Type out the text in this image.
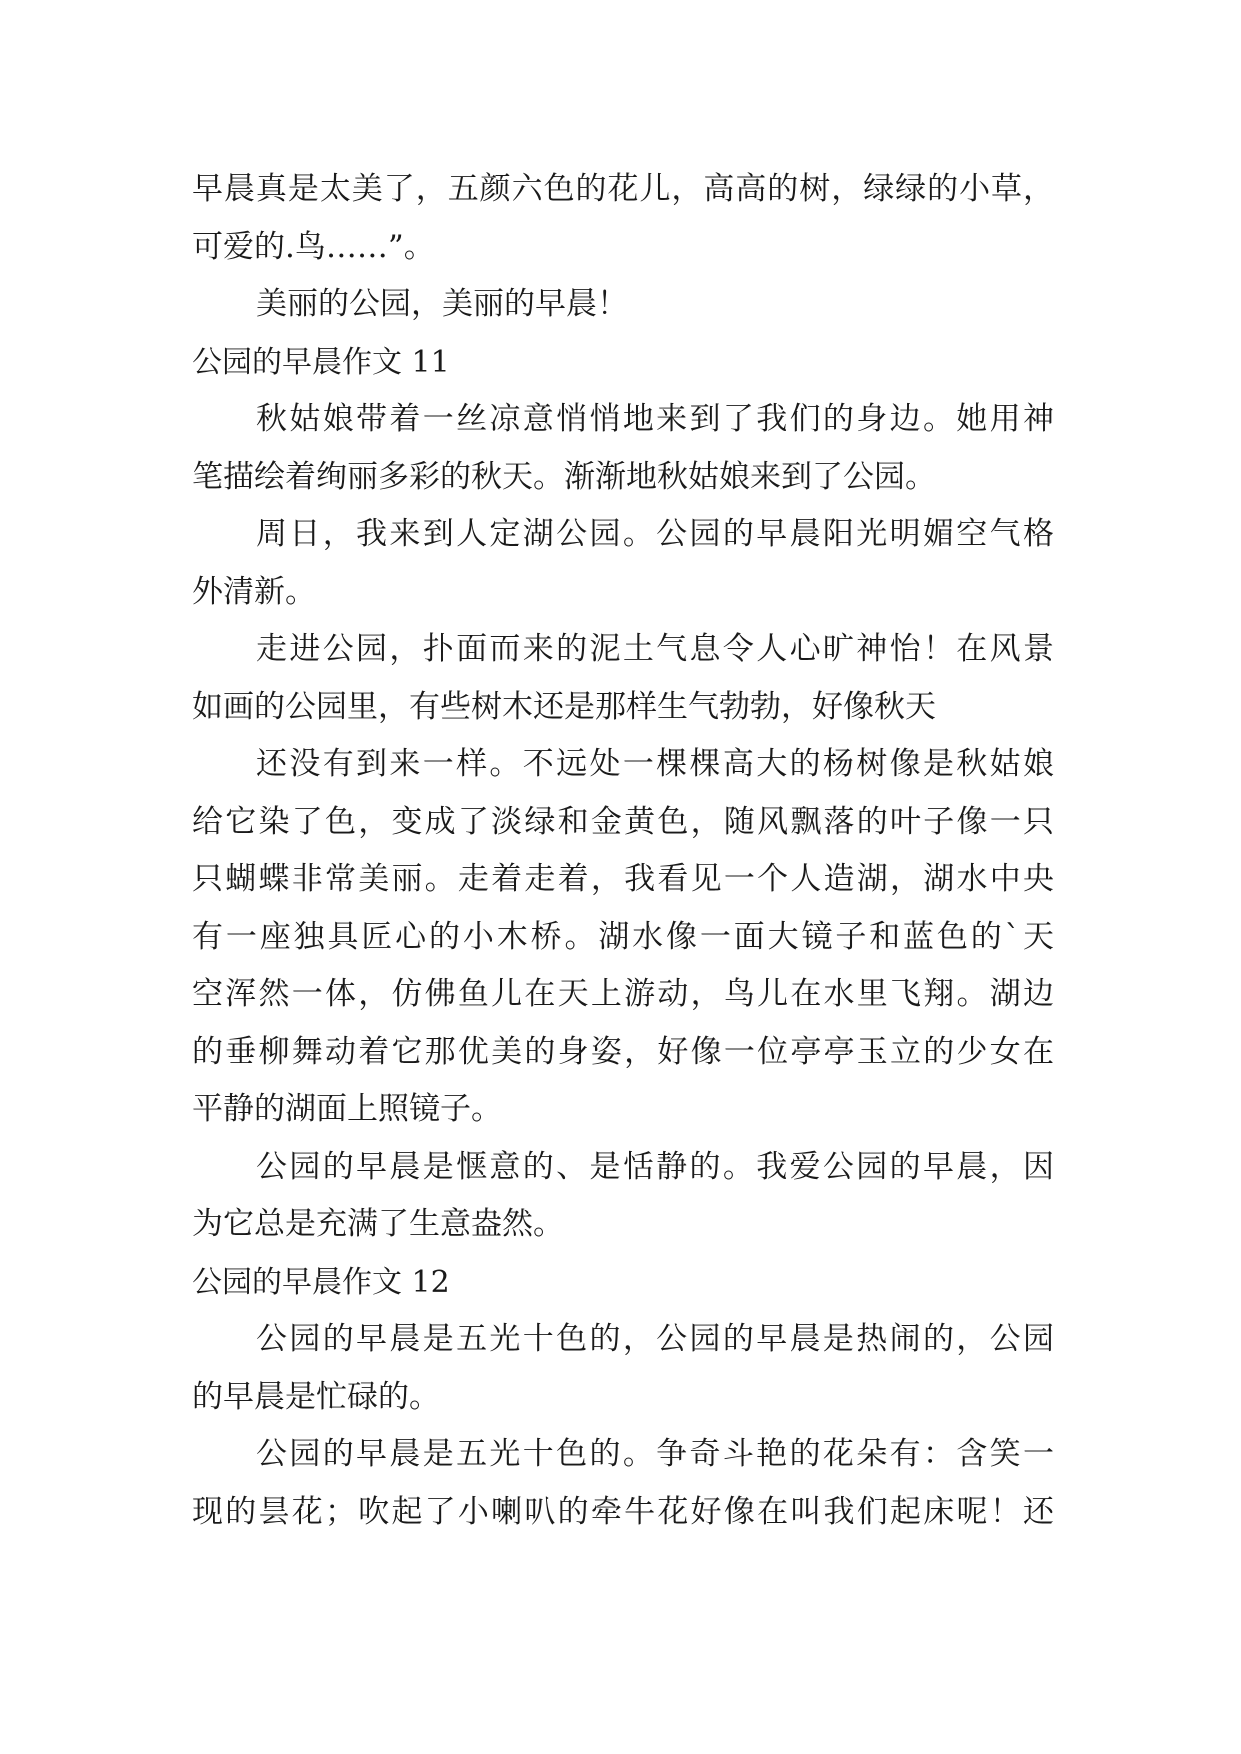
早晨真是太美了，五颜六色的花儿，高高的树，绿绿的小草，
可爱的.鸟……”。
美丽的公园，美丽的早晨！
公园的早晨作文 11
秋姑娘带着一丝凉意悄悄地来到了我们的身边。她用神
笔描绘着绚丽多彩的秋天。渐渐地秋姑娘来到了公园。
周日，我来到人定湖公园。公园的早晨阳光明媚空气格
外清新。
走进公园，扑面而来的泥土气息令人心旷神怡！在风景
如画的公园里，有些树木还是那样生气勃勃，好像秋天
还没有到来一样。不远处一棵棵高大的杨树像是秋姑娘
给它染了色，变成了淡绿和金黄色，随风飘落的叶子像一只
只蝴蝶非常美丽。走着走着，我看见一个人造湖，湖水中央
有一座独具匠心的小木桥。湖水像一面大镜子和蓝色的`天
空浑然一体，仿佛鱼儿在天上游动，鸟儿在水里飞翔。湖边
的垂柳舞动着它那优美的身姿，好像一位亭亭玉立的少女在
平静的湖面上照镜子。
公园的早晨是惬意的、是恬静的。我爱公园的早晨，因
为它总是充满了生意盎然。
公园的早晨作文 12
公园的早晨是五光十色的，公园的早晨是热闹的，公园
的早晨是忙碌的。
公园的早晨是五光十色的。争奇斗艳的花朵有：含笑一
现的昙花；吹起了小喇叭的牵牛花好像在叫我们起床呢！还
